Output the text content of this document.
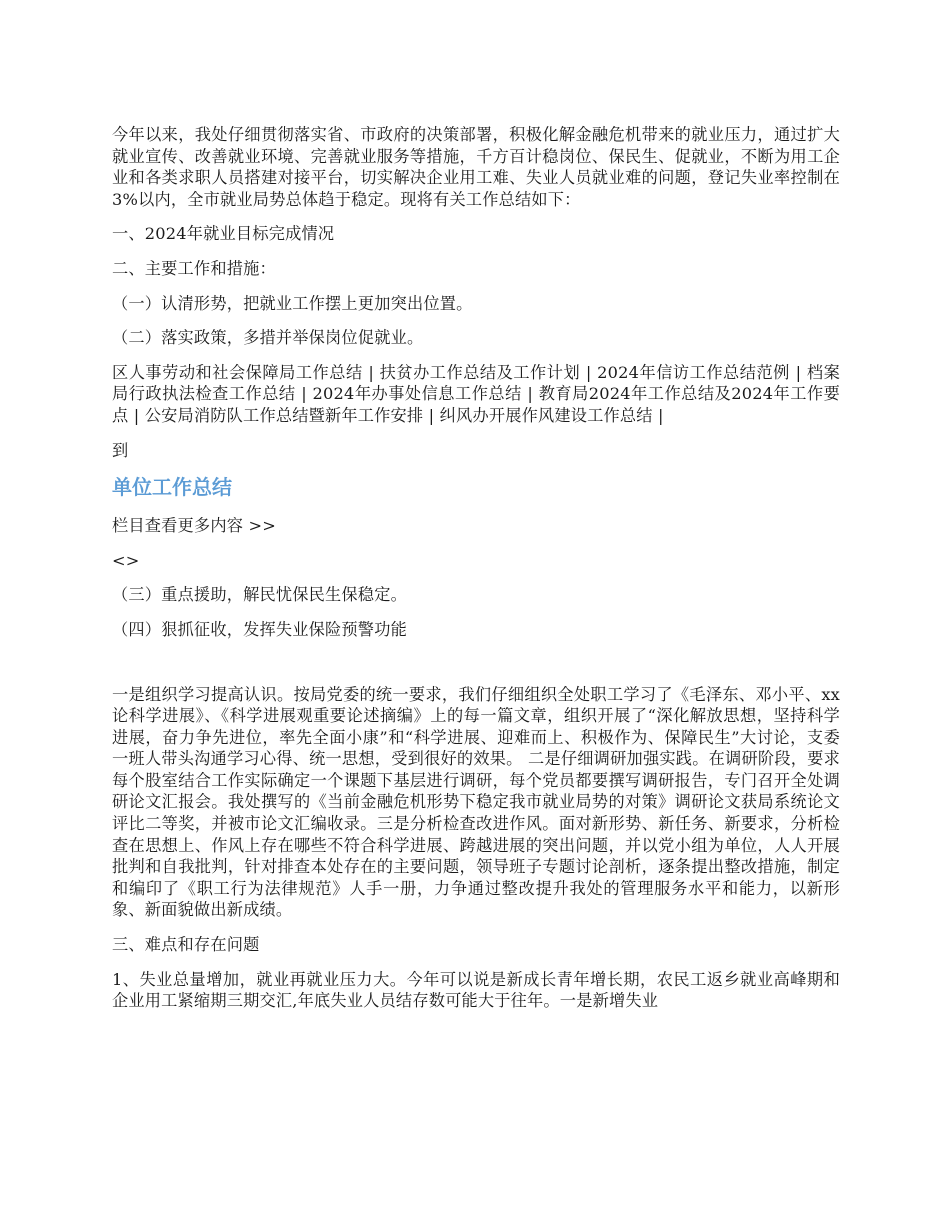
今年以来，我处仔细贯彻落实省、市政府的决策部署，积极化解金融危机带来的就业压力，通过扩大就业宣传、改善就业环境、完善就业服务等措施，千方百计稳岗位、保民生、促就业，不断为用工企业和各类求职人员搭建对接平台，切实解决企业用工难、失业人员就业难的问题，登记失业率控制在3%以内，全市就业局势总体趋于稳定。现将有关工作总结如下：

一、2024年就业目标完成情况

二、主要工作和措施：

（一）认清形势，把就业工作摆上更加突出位置。

（二）落实政策，多措并举保岗位促就业。

区人事劳动和社会保障局工作总结 | 扶贫办工作总结及工作计划 | 2024年信访工作总结范例 | 档案局行政执法检查工作总结 | 2024年办事处信息工作总结 | 教育局2024年工作总结及2024年工作要点 | 公安局消防队工作总结暨新年工作安排 | 纠风办开展作风建设工作总结 |

到

单位工作总结

栏目查看更多内容 >>

<>

（三）重点援助，解民忧保民生保稳定。

（四）狠抓征收，发挥失业保险预警功能

一是组织学习提高认识。按局党委的统一要求，我们仔细组织全处职工学习了《毛泽东、邓小平、xx论科学进展》、《科学进展观重要论述摘编》上的每一篇文章，组织开展了“深化解放思想，坚持科学进展，奋力争先进位，率先全面小康”和“科学进展、迎难而上、积极作为、保障民生”大讨论，支委一班人带头沟通学习心得、统一思想，受到很好的效果。 二是仔细调研加强实践。在调研阶段，要求每个股室结合工作实际确定一个课题下基层进行调研，每个党员都要撰写调研报告，专门召开全处调研论文汇报会。我处撰写的《当前金融危机形势下稳定我市就业局势的对策》调研论文获局系统论文评比二等奖，并被市论文汇编收录。三是分析检查改进作风。面对新形势、新任务、新要求，分析检查在思想上、作风上存在哪些不符合科学进展、跨越进展的突出问题，并以党小组为单位，人人开展批判和自我批判，针对排查本处存在的主要问题，领导班子专题讨论剖析，逐条提出整改措施，制定和编印了《职工行为法律规范》人手一册，力争通过整改提升我处的管理服务水平和能力，以新形象、新面貌做出新成绩。

三、难点和存在问题

1、失业总量增加，就业再就业压力大。今年可以说是新成长青年增长期，农民工返乡就业高峰期和企业用工紧缩期三期交汇,年底失业人员结存数可能大于往年。一是新增失业
